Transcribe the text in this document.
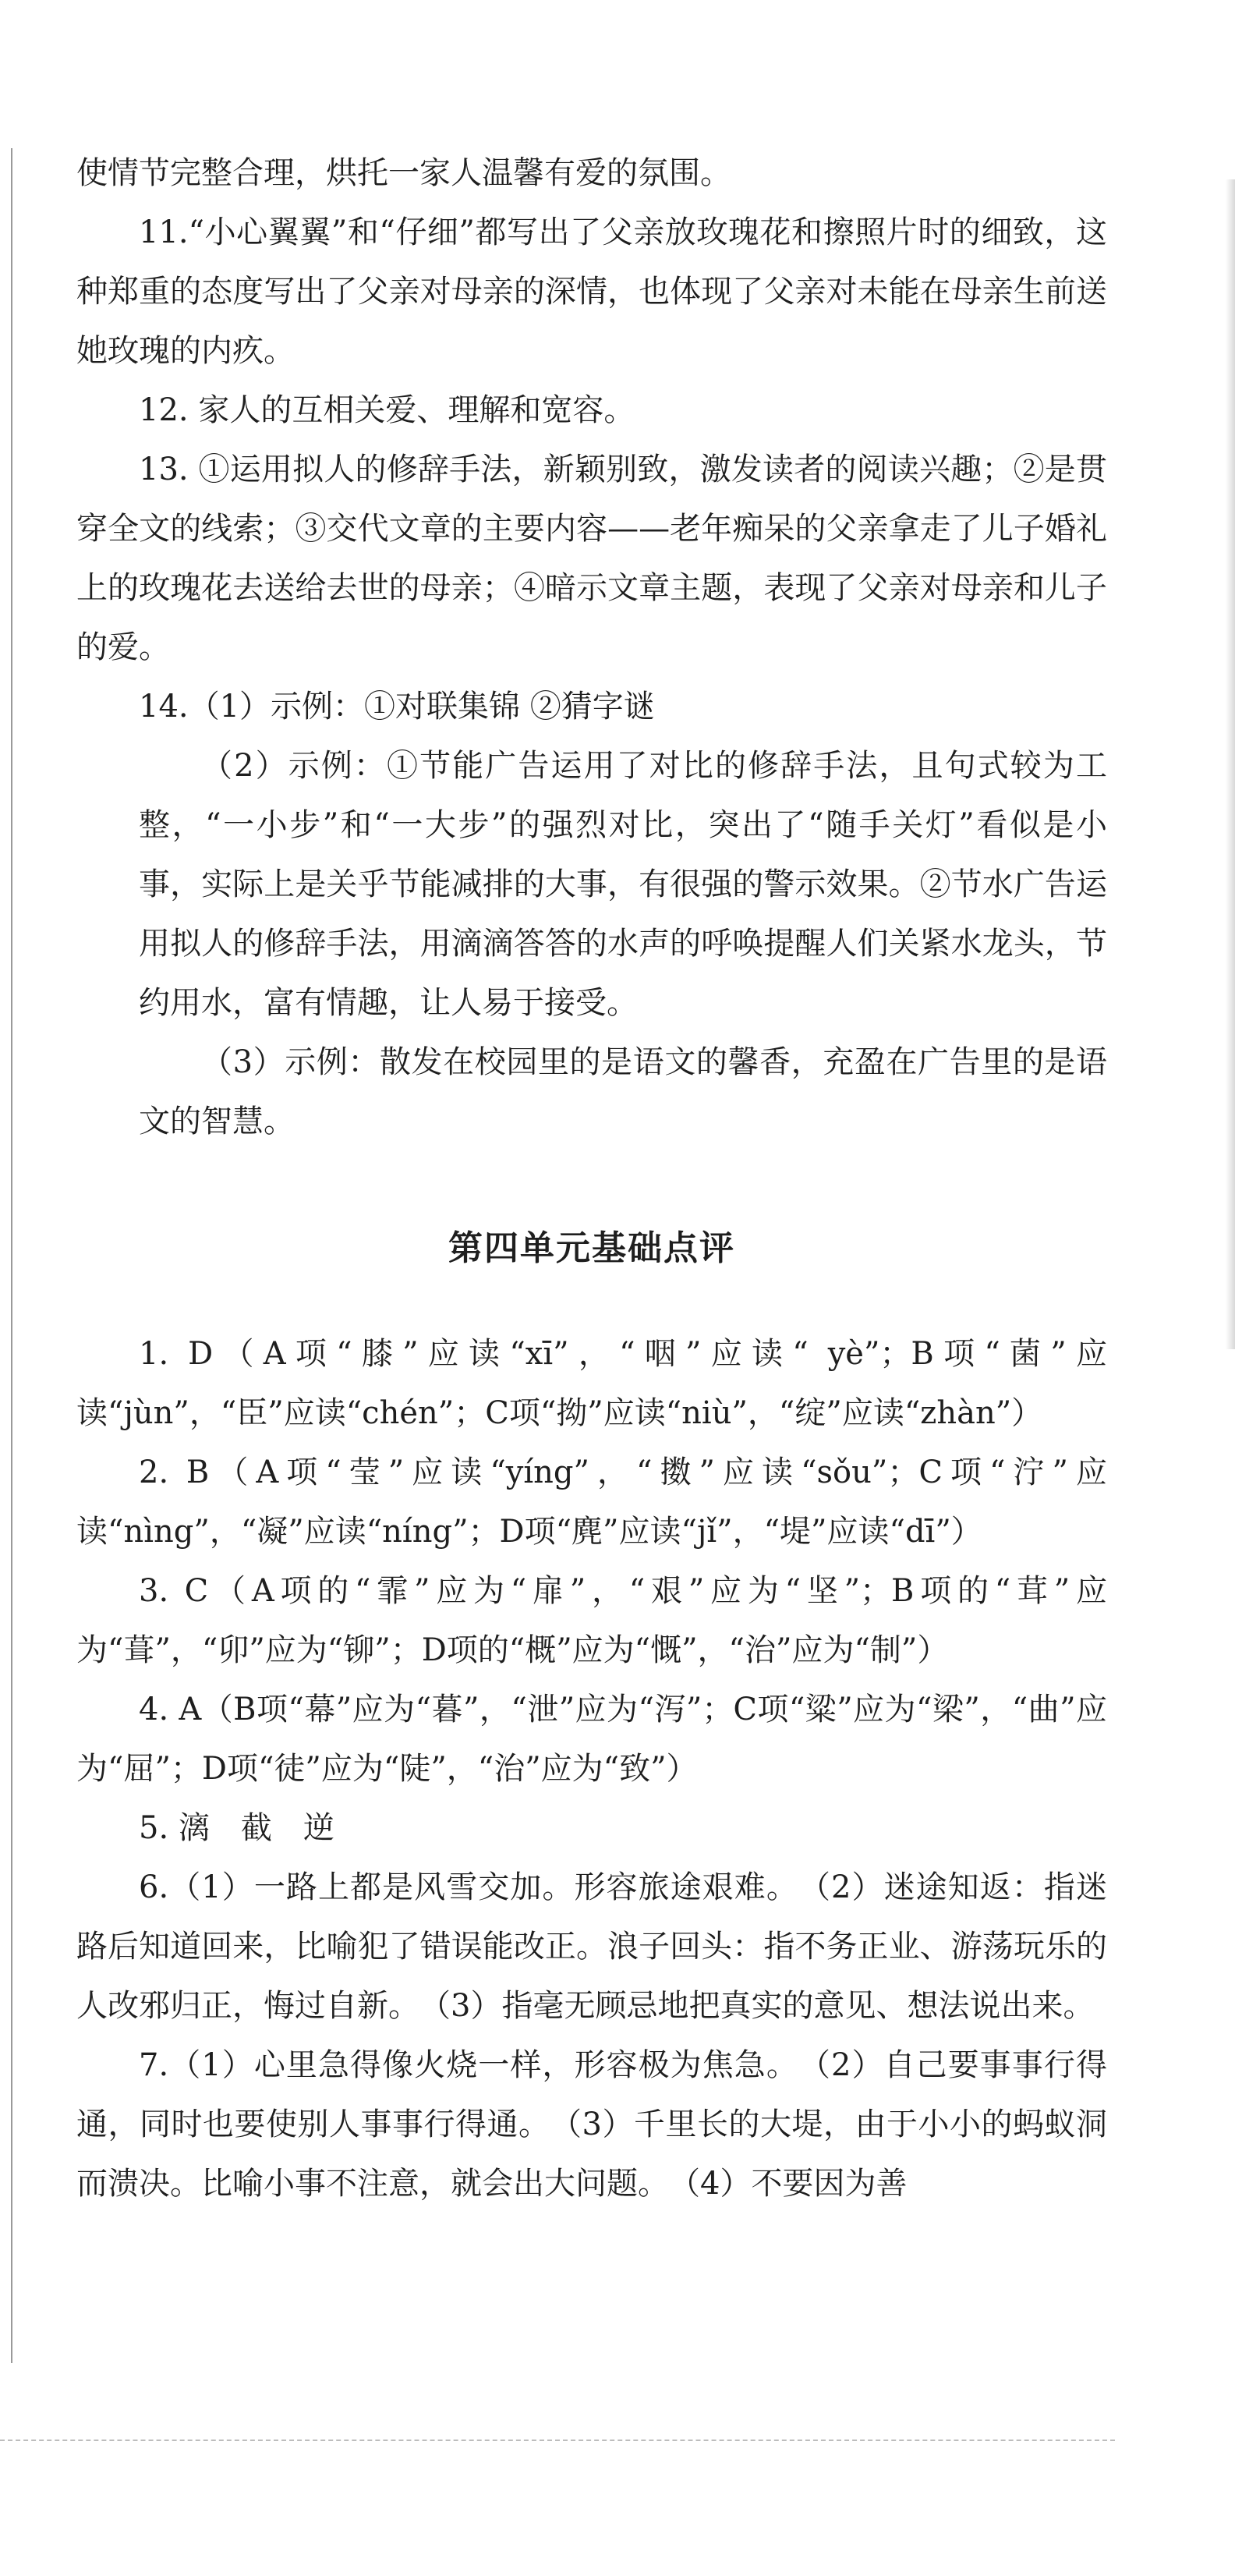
使情节完整合理，烘托一家人温馨有爱的氛围。

11.“小心翼翼”和“仔细”都写出了父亲放玫瑰花和擦照片时的细致，这种郑重的态度写出了父亲对母亲的深情，也体现了父亲对未能在母亲生前送她玫瑰的内疚。

12. 家人的互相关爱、理解和宽容。

13. ①运用拟人的修辞手法，新颖别致，激发读者的阅读兴趣；②是贯穿全文的线索；③交代文章的主要内容——老年痴呆的父亲拿走了儿子婚礼上的玫瑰花去送给去世的母亲；④暗示文章主题，表现了父亲对母亲和儿子的爱。

14.（1）示例：①对联集锦 ②猜字谜

（2）示例：①节能广告运用了对比的修辞手法，且句式较为工整，“一小步”和“一大步”的强烈对比，突出了“随手关灯”看似是小事，实际上是关乎节能减排的大事，有很强的警示效果。②节水广告运用拟人的修辞手法，用滴滴答答的水声的呼唤提醒人们关紧水龙头，节约用水，富有情趣，让人易于接受。

（3）示例：散发在校园里的是语文的馨香，充盈在广告里的是语文的智慧。

第四单元基础点评

1. D（A项“膝”应读“xī”，“咽”应读“ yè”；B项“菌”应读“jùn”，“臣”应读“chén”；C项“拗”应读“niù”，“绽”应读“zhàn”）

2. B（A项“莹”应读“yíng”，“擞”应读“sǒu”；C项“泞”应读“nìng”，“凝”应读“níng”；D项“麂”应读“jǐ”，“堤”应读“dī”）

3. C（A项的“霏”应为“扉”，“艰”应为“坚”；B项的“茸”应为“葺”，“卯”应为“铆”；D项的“概”应为“慨”，“治”应为“制”）

4. A（B项“幕”应为“暮”，“泄”应为“泻”；C项“粱”应为“梁”，“曲”应为“屈”；D项“徒”应为“陡”，“治”应为“致”）

5. 漓　截　逆

6.（1）一路上都是风雪交加。形容旅途艰难。　（2）迷途知返：指迷路后知道回来，比喻犯了错误能改正。浪子回头：指不务正业、游荡玩乐的人改邪归正，悔过自新。　（3）指毫无顾忌地把真实的意见、想法说出来。

7.（1）心里急得像火烧一样，形容极为焦急。　（2）自己要事事行得通，同时也要使别人事事行得通。　（3）千里长的大堤，由于小小的蚂蚁洞而溃决。比喻小事不注意，就会出大问题。　（4）不要因为善
